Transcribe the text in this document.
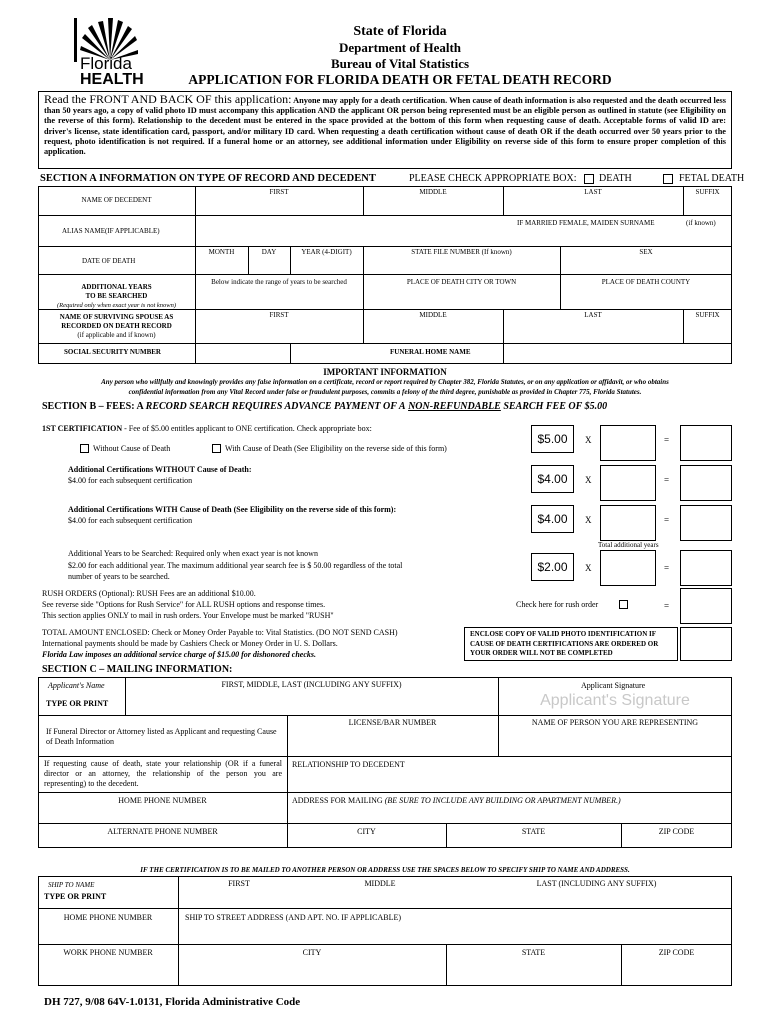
Florida
HEALTH
State of Florida
Department of Health
Bureau of Vital Statistics
APPLICATION FOR FLORIDA DEATH OR FETAL DEATH RECORD
Read the FRONT AND BACK OF this application: Anyone may apply for a death certification. When cause of death information is also requested and the death occurred less than 50 years ago, a copy of valid photo ID must accompany this application AND the applicant OR person being represented must be an eligible person as outlined in statute (see Eligibility on the reverse of this form). Relationship to the decedent must be entered in the space provided at the bottom of this form when requesting cause of death. Acceptable forms of valid ID are: driver's license, state identification card, passport, and/or military ID card. When requesting a death certification without cause of death OR if the death occurred over 50 years prior to the request, photo identification is not required. If a funeral home or an attorney, see additional information under Eligibility on reverse side of this form to ensure proper completion of this application.
SECTION A INFORMATION ON TYPE OF RECORD AND DECEDENT	PLEASE CHECK APPROPRIATE BOX: DEATH	FETAL DEATH
NAME OF DECEDENT
FIRST	MIDDLE	LAST	SUFFIX
ALIAS NAME(IF APPLICABLE)
IF MARRIED FEMALE, MAIDEN SURNAME	(if known)
DATE OF DEATH
MONTH	DAY	YEAR (4-DIGIT)	STATE FILE NUMBER (If known)	SEX
ADDITIONAL YEARS
TO BE SEARCHED
(Required only when exact year is not known)
Below indicate the range of years to be searched	PLACE OF DEATH CITY OR TOWN	PLACE OF DEATH COUNTY
NAME OF SURVIVING SPOUSE AS
RECORDED ON DEATH RECORD
(if applicable and if known)
FIRST	MIDDLE	LAST	SUFFIX
SOCIAL SECURITY NUMBER	FUNERAL HOME NAME
IMPORTANT INFORMATION
Any person who willfully and knowingly provides any false information on a certificate, record or report required by Chapter 382, Florida Statutes, or on any application or affidavit, or who obtains
confidential information from any Vital Record under false or fraudulent purposes, commits a felony of the third degree, punishable as provided in Chapter 775, Florida Statutes.
SECTION B – FEES: A RECORD SEARCH REQUIRES ADVANCE PAYMENT OF A NON-REFUNDABLE SEARCH FEE OF $5.00
1ST CERTIFICATION - Fee of $5.00 entitles applicant to ONE certification. Check appropriate box:
Without Cause of Death	With Cause of Death (See Eligibility on the reverse side of this form)
$5.00	X	=
Additional Certifications WITHOUT Cause of Death:
$4.00 for each subsequent certification	$4.00	X	=
Additional Certifications WITH Cause of Death (See Eligibility on the reverse side of this form):
$4.00 for each subsequent certification	$4.00	X	=
Total additional years
Additional Years to be Searched: Required only when exact year is not known
$2.00 for each additional year. The maximum additional year search fee is $ 50.00 regardless of the total
number of years to be searched.
$2.00	X	=
RUSH ORDERS (Optional): RUSH Fees are an additional $10.00.
See reverse side "Options for Rush Service" for ALL RUSH options and response times.
This section applies ONLY to mail in rush orders. Your Envelope must be marked "RUSH"
Check here for rush order	=
TOTAL AMOUNT ENCLOSED: Check or Money Order Payable to: Vital Statistics. (DO NOT SEND CASH)
International payments should be made by Cashiers Check or Money Order in U. S. Dollars.
Florida Law imposes an additional service charge of $15.00 for dishonored checks.
ENCLOSE COPY OF VALID PHOTO IDENTIFICATION IF CAUSE OF DEATH CERTIFICATIONS ARE ORDERED OR YOUR ORDER WILL NOT BE COMPLETED
SECTION C – MAILING INFORMATION:
Applicant's Name
TYPE OR PRINT
FIRST, MIDDLE, LAST (INCLUDING ANY SUFFIX)	Applicant Signature
Applicant's Signature
If Funeral Director or Attorney listed as Applicant and requesting Cause of Death Information
LICENSE/BAR NUMBER	NAME OF PERSON YOU ARE REPRESENTING
If requesting cause of death, state your relationship (OR if a funeral director or an attorney, the relationship of the person you are representing) to the decedent.
RELATIONSHIP TO DECEDENT
HOME PHONE NUMBER	ADDRESS FOR MAILING (BE SURE TO INCLUDE ANY BUILDING OR APARTMENT NUMBER.)
ALTERNATE PHONE NUMBER	CITY	STATE	ZIP CODE
IF THE CERTIFICATION IS TO BE MAILED TO ANOTHER PERSON OR ADDRESS USE THE SPACES BELOW TO SPECIFY SHIP TO NAME AND ADDRESS.
SHIP TO NAME
TYPE OR PRINT
FIRST	MIDDLE	LAST (INCLUDING ANY SUFFIX)
HOME PHONE NUMBER	SHIP TO STREET ADDRESS (AND APT. NO. IF APPLICABLE)
WORK PHONE NUMBER	CITY	STATE	ZIP CODE
DH 727, 9/08 64V-1.0131, Florida Administrative Code
